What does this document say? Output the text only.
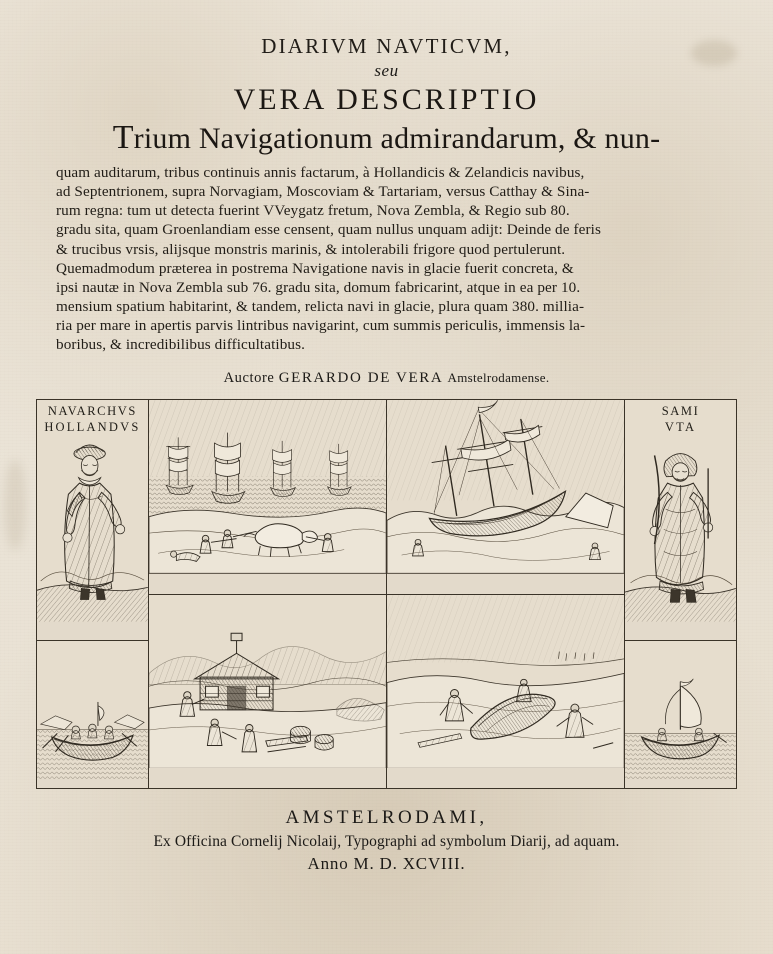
DIARIVM NAVTICVM,
seu
VERA DESCRIPTIO
Trium Navigationum admirandarum, & nun-
quam auditarum, tribus continuis annis factarum, à Hollandicis & Zelandicis navibus,
ad Septentrionem, supra Norvagiam, Moscoviam & Tartariam, versus Catthay & Sina-
rum regna: tum ut detecta fuerint VVeygatz fretum, Nova Zembla, & Regio sub 80.
gradu sita, quam Groenlandiam esse censent, quam nullus unquam adijt: Deinde de feris
& trucibus vrsis, alijsque monstris marinis, & intolerabili frigore quod pertulerunt.
Quemadmodum præterea in postrema Navigatione navis in glacie fuerit concreta, &
ipsi nautæ in Nova Zembla sub 76. gradu sita, domum fabricarint, atque in ea per 10.
mensium spatium habitarint, & tandem, relicta navi in glacie, plura quam 380. millia-
ria per mare in apertis parvis lintribus navigarint, cum summis periculis, immensis la-
boribus, & incredibilibus difficultatibus.
Auctore GERARDO DE VERA Amstelrodamense.
NAVARCHVS
HOLLANDVS
SAMI
VTA
AMSTELRODAMI,
Ex Officina Cornelij Nicolaij, Typographi ad symbolum Diarij, ad aquam.
Anno M. D. XCVIII.
